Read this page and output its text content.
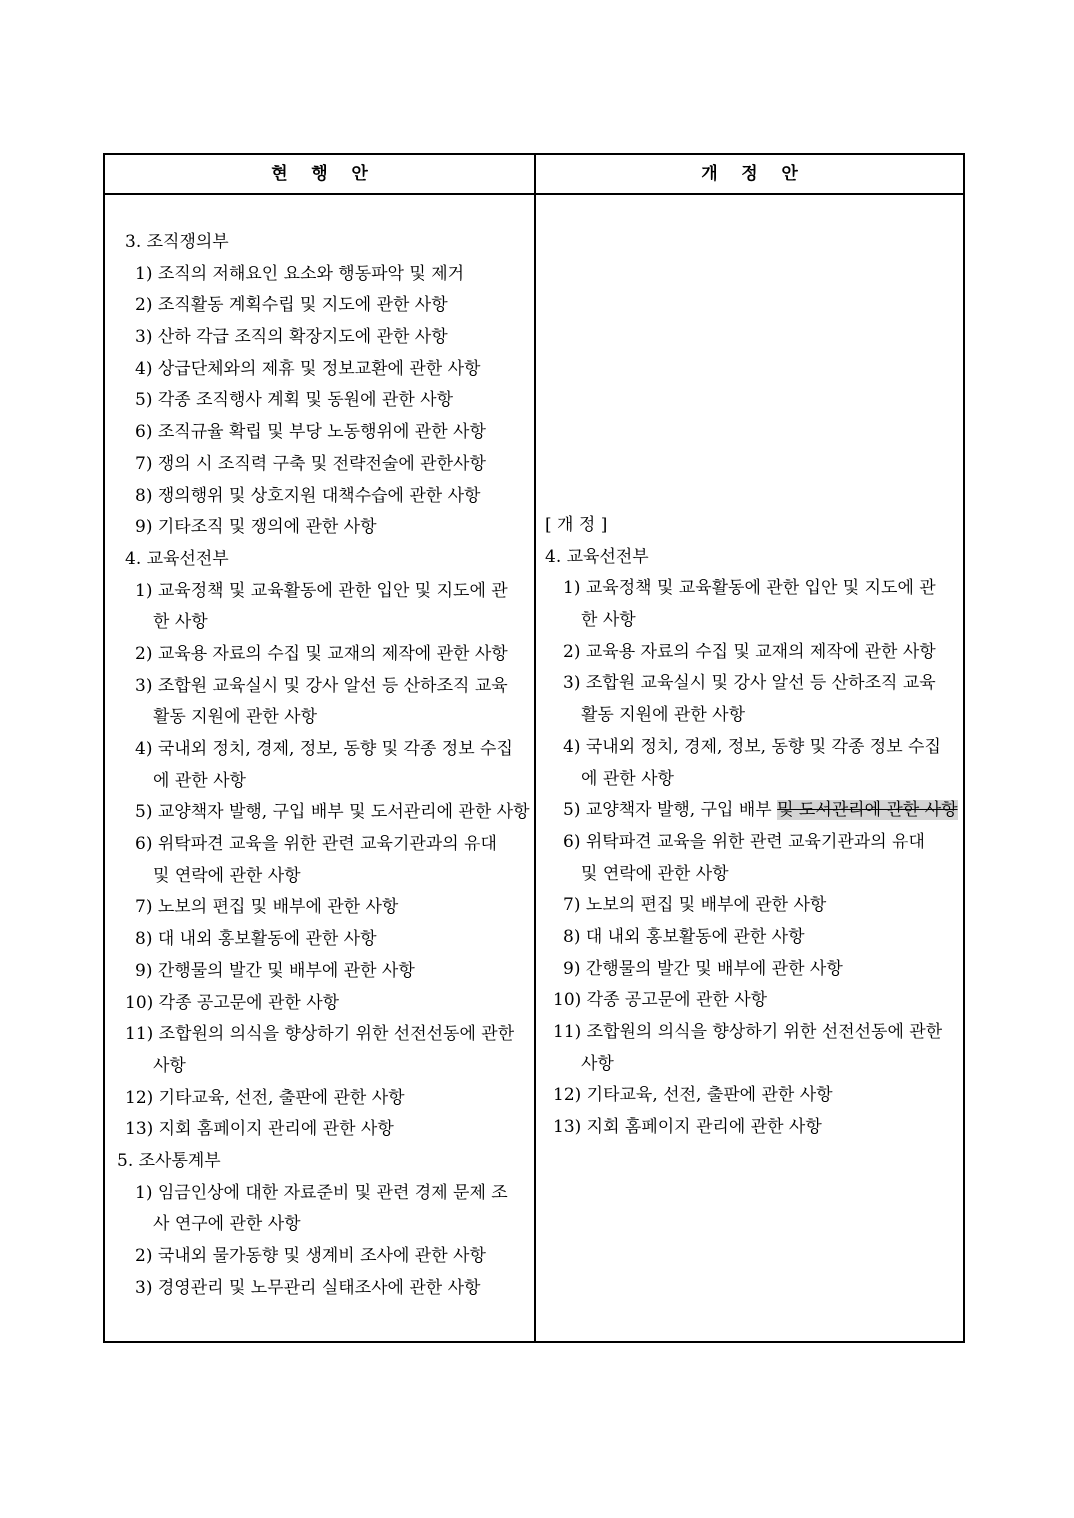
현    행    안	개    정    안
3. 조직쟁의부
1) 조직의 저해요인 요소와 행동파악 및 제거
2) 조직활동 계획수립 및 지도에 관한 사항
3) 산하 각급 조직의 확장지도에 관한 사항
4) 상급단체와의 제휴 및 정보교환에 관한 사항
5) 각종 조직행사 계획 및 동원에 관한 사항
6) 조직규율 확립 및 부당 노동행위에 관한 사항
7) 쟁의 시 조직력 구축 및 전략전술에 관한사항
8) 쟁의행위 및 상호지원 대책수습에 관한 사항
9) 기타조직 및 쟁의에 관한 사항
4. 교육선전부
1) 교육정책 및 교육활동에 관한 입안 및 지도에 관
한 사항
2) 교육용 자료의 수집 및 교재의 제작에 관한 사항
3) 조합원 교육실시 및 강사 알선 등 산하조직 교육
활동 지원에 관한 사항
4) 국내외 정치, 경제, 정보, 동향 및 각종 정보 수집
에 관한 사항
5) 교양책자 발행, 구입 배부 및 도서관리에 관한 사항
6) 위탁파견 교육을 위한 관련 교육기관과의 유대
및 연락에 관한 사항
7) 노보의 편집 및 배부에 관한 사항
8) 대 내외 홍보활동에 관한 사항
9) 간행물의 발간 및 배부에 관한 사항
10) 각종 공고문에 관한 사항
11) 조합원의 의식을 향상하기 위한 선전선동에 관한
사항
12) 기타교육, 선전, 출판에 관한 사항
13) 지회 홈페이지 관리에 관한 사항
5. 조사통계부
1) 임금인상에 대한 자료준비 및 관련 경제 문제 조
사 연구에 관한 사항
2) 국내외 물가동향 및 생계비 조사에 관한 사항
3) 경영관리 및 노무관리 실태조사에 관한 사항
[ 개 정 ]
4. 교육선전부
1) 교육정책 및 교육활동에 관한 입안 및 지도에 관
한 사항
2) 교육용 자료의 수집 및 교재의 제작에 관한 사항
3) 조합원 교육실시 및 강사 알선 등 산하조직 교육
활동 지원에 관한 사항
4) 국내외 정치, 경제, 정보, 동향 및 각종 정보 수집
에 관한 사항
5) 교양책자 발행, 구입 배부 및 도서관리에 관한 사항
6) 위탁파견 교육을 위한 관련 교육기관과의 유대
및 연락에 관한 사항
7) 노보의 편집 및 배부에 관한 사항
8) 대 내외 홍보활동에 관한 사항
9) 간행물의 발간 및 배부에 관한 사항
10) 각종 공고문에 관한 사항
11) 조합원의 의식을 향상하기 위한 선전선동에 관한
사항
12) 기타교육, 선전, 출판에 관한 사항
13) 지회 홈페이지 관리에 관한 사항
